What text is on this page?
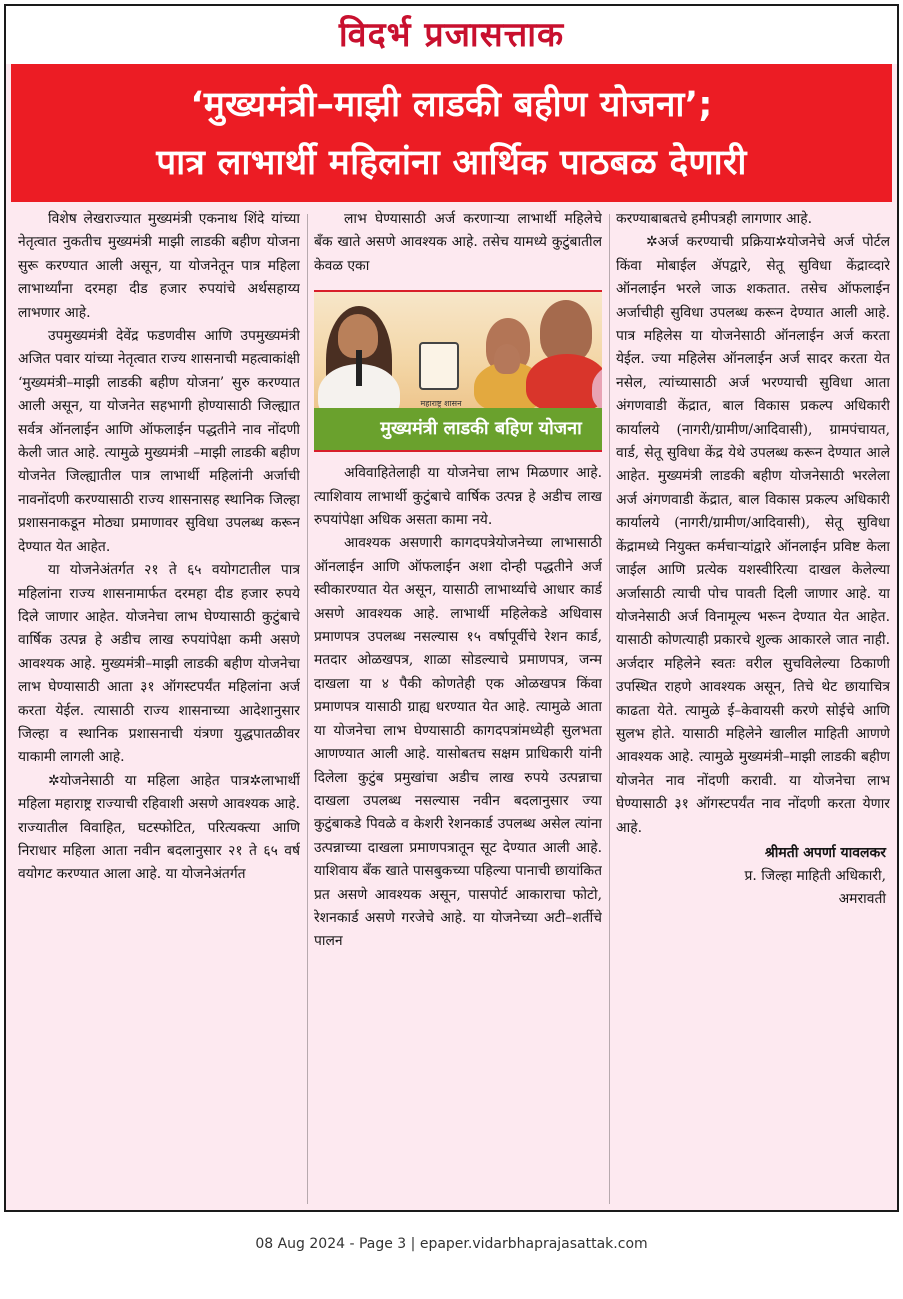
विदर्भ प्रजासत्ताक
‘मुख्यमंत्री–माझी लाडकी बहीण योजना’;
पात्र लाभार्थी महिलांना आर्थिक पाठबळ देणारी

विशेष लेखराज्यात मुख्यमंत्री एकनाथ शिंदे यांच्या नेतृत्वात नुकतीच मुख्यमंत्री माझी लाडकी बहीण योजना सुरू करण्यात आली असून, या योजनेतून पात्र महिला लाभार्थ्यांना दरमहा दीड हजार रुपयांचे अर्थसहाय्य लाभणार आहे.

उपमुख्यमंत्री देवेंद्र फडणवीस आणि उपमुख्यमंत्री अजित पवार यांच्या नेतृत्वात राज्य शासनाची महत्वाकांक्षी ‘मुख्यमंत्री–माझी लाडकी बहीण योजना’ सुरु करण्यात आली असून, या योजनेत सहभागी होण्यासाठी जिल्ह्यात सर्वत्र ऑनलाईन आणि ऑफलाईन पद्धतीने नाव नोंदणी केली जात आहे. त्यामुळे मुख्यमंत्री –माझी लाडकी बहीण योजनेत जिल्ह्यातील पात्र लाभार्थी महिलांनी अर्जाची नावनोंदणी करण्यासाठी राज्य शासनासह स्थानिक जिल्हा प्रशासनाकडून मोठ्या प्रमाणावर सुविधा उपलब्ध करून देण्यात येत आहेत.

या योजनेअंतर्गत २१ ते ६५ वयोगटातील पात्र महिलांना राज्य शासनामार्फत दरमहा दीड हजार रुपये दिले जाणार आहेत. योजनेचा लाभ घेण्यासाठी कुटुंबाचे वार्षिक उत्पन्न हे अडीच लाख रुपयांपेक्षा कमी असणे आवश्यक आहे. मुख्यमंत्री–माझी लाडकी बहीण योजनेचा लाभ घेण्यासाठी आता ३१ ऑगस्टपर्यंत महिलांना अर्ज करता येईल. त्यासाठी राज्य शासनाच्या आदेशानुसार जिल्हा व स्थानिक प्रशासनाची यंत्रणा युद्धपातळीवर याकामी लागली आहे.

✲योजनेसाठी या महिला आहेत पात्र✲लाभार्थी महिला महाराष्ट्र राज्याची रहिवाशी असणे आवश्यक आहे. राज्यातील विवाहित, घटस्फोटित, परित्यक्त्या आणि निराधार महिला आता नवीन बदलानुसार २१ ते ६५ वर्ष वयोगट करण्यात आला आहे. या योजनेअंतर्गत

लाभ घेण्यासाठी अर्ज करणाऱ्या लाभार्थी महिलेचे बँक खाते असणे आवश्यक आहे. तसेच यामध्ये कुटुंबातील केवळ एका

महाराष्ट्र शासन
मुख्यमंत्री लाडकी बहिण योजना

अविवाहितेलाही या योजनेचा लाभ मिळणार आहे. त्याशिवाय लाभार्थी कुटुंबाचे वार्षिक उत्पन्न हे अडीच लाख रुपयांपेक्षा अधिक असता कामा नये.

आवश्यक असणारी कागदपत्रेयोजनेच्या लाभासाठी ऑनलाईन आणि ऑफलाईन अशा दोन्ही पद्धतीने अर्ज स्वीकारण्यात येत असून, यासाठी लाभार्थ्याचे आधार कार्ड असणे आवश्यक आहे. लाभार्थी महिलेकडे अधिवास प्रमाणपत्र उपलब्ध नसल्यास १५ वर्षापूर्वीचे रेशन कार्ड, मतदार ओळखपत्र, शाळा सोडल्याचे प्रमाणपत्र, जन्म दाखला या ४ पैकी कोणतेही एक ओळखपत्र किंवा प्रमाणपत्र यासाठी ग्राह्य धरण्यात येत आहे. त्यामुळे आता या योजनेचा लाभ घेण्यासाठी कागदपत्रांमध्येही सुलभता आणण्यात आली आहे. यासोबतच सक्षम प्राधिकारी यांनी दिलेला कुटुंब प्रमुखांचा अडीच लाख रुपये उत्पन्नाचा दाखला उपलब्ध नसल्यास नवीन बदलानुसार ज्या कुटुंबाकडे पिवळे व केशरी रेशनकार्ड उपलब्ध असेल त्यांना उत्पन्नाच्या दाखला प्रमाणपत्रातून सूट देण्यात आली आहे. याशिवाय बँक खाते पासबुकच्या पहिल्या पानाची छायांकित प्रत असणे आवश्यक असून, पासपोर्ट आकाराचा फोटो, रेशनकार्ड असणे गरजेचे आहे. या योजनेच्या अटी–शर्तीचे पालन

करण्याबाबतचे हमीपत्रही लागणार आहे.

✲अर्ज करण्याची प्रक्रिया✲योजनेचे अर्ज पोर्टल किंवा मोबाईल ॲपद्वारे, सेतू सुविधा केंद्राव्दारे ऑनलाईन भरले जाऊ शकतात. तसेच ऑफलाईन अर्जाचीही सुविधा उपलब्ध करून देण्यात आली आहे. पात्र महिलेस या योजनेसाठी ऑनलाईन अर्ज करता येईल. ज्या महिलेस ऑनलाईन अर्ज सादर करता येत नसेल, त्यांच्यासाठी अर्ज भरण्याची सुविधा आता अंगणवाडी केंद्रात, बाल विकास प्रकल्प अधिकारी कार्यालये (नागरी/ग्रामीण/आदिवासी), ग्रामपंचायत, वार्ड, सेतू सुविधा केंद्र येथे उपलब्ध करून देण्यात आले आहेत. मुख्यमंत्री लाडकी बहीण योजनेसाठी भरलेला अर्ज अंगणवाडी केंद्रात, बाल विकास प्रकल्प अधिकारी कार्यालये (नागरी/ग्रामीण/आदिवासी), सेतू सुविधा केंद्रामध्ये नियुक्त कर्मचाऱ्यांद्वारे ऑनलाईन प्रविष्ट केला जाईल आणि प्रत्येक यशस्वीरित्या दाखल केलेल्या अर्जासाठी त्याची पोच पावती दिली जाणार आहे. या योजनेसाठी अर्ज विनामूल्य भरून देण्यात येत आहेत. यासाठी कोणत्याही प्रकारचे शुल्क आकारले जात नाही. अर्जदार महिलेने स्वतः वरील सुचविलेल्या ठिकाणी उपस्थित राहणे आवश्यक असून, तिचे थेट छायाचित्र काढता येते. त्यामुळे ई–केवायसी करणे सोईचे आणि सुलभ होते. यासाठी महिलेने खालील माहिती आणणे आवश्यक आहे. त्यामुळे मुख्यमंत्री–माझी लाडकी बहीण योजनेत नाव नोंदणी करावी. या योजनेचा लाभ घेण्यासाठी ३१ ऑगस्टपर्यंत नाव नोंदणी करता येणार आहे.

श्रीमती अपर्णा यावलकर
प्र. जिल्हा माहिती अधिकारी,
अमरावती
08 Aug 2024 - Page 3 | epaper.vidarbhaprajasattak.com
